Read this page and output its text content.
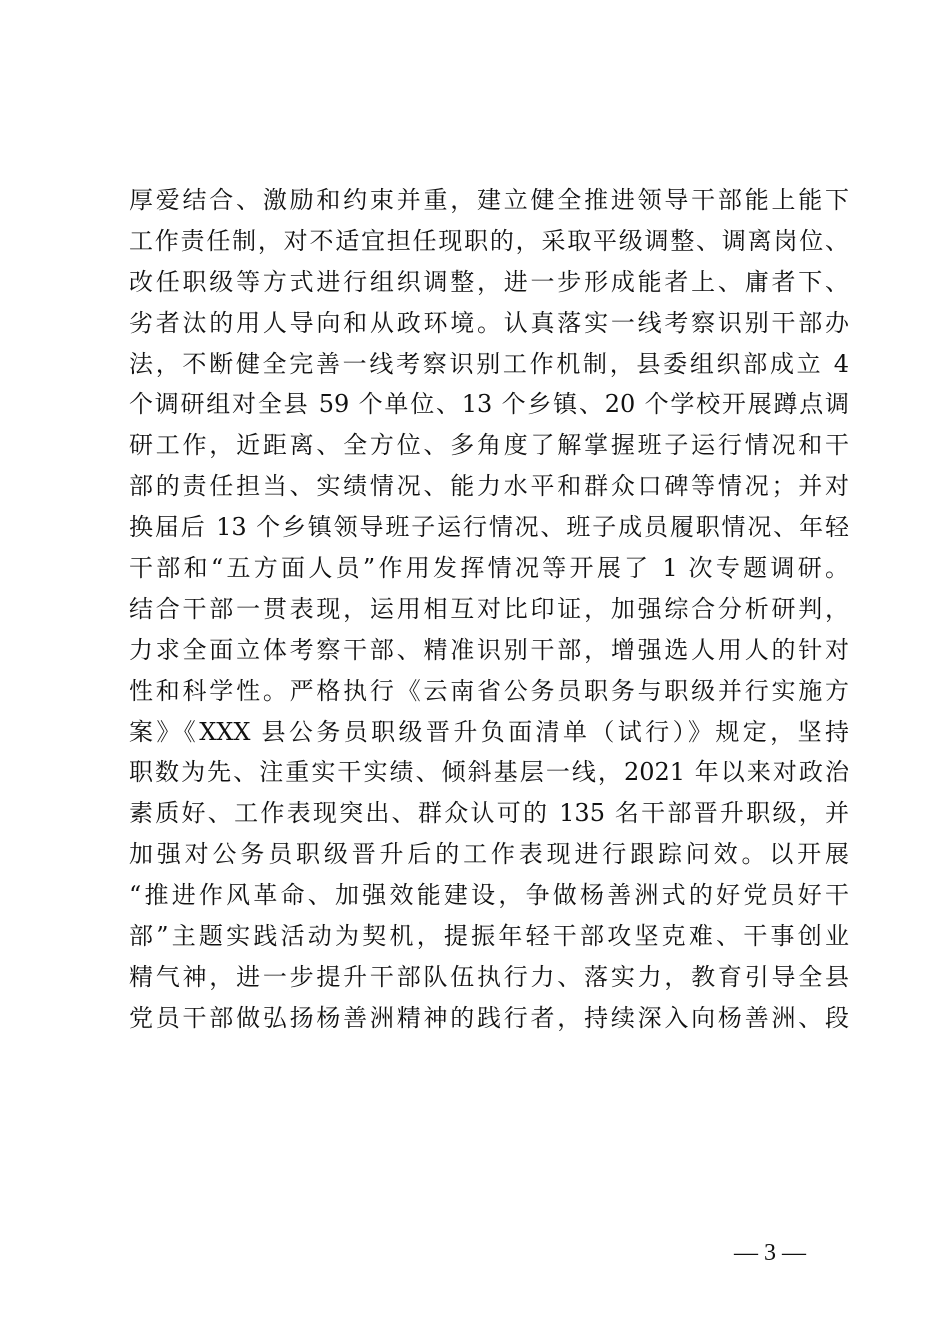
厚爱结合、激励和约束并重，建立健全推进领导干部能上能下
工作责任制，对不适宜担任现职的，采取平级调整、调离岗位、
改任职级等方式进行组织调整，进一步形成能者上、庸者下、
劣者汰的用人导向和从政环境。认真落实一线考察识别干部办
法，不断健全完善一线考察识别工作机制，县委组织部成立 4
个调研组对全县 59 个单位、13 个乡镇、20 个学校开展蹲点调
研工作，近距离、全方位、多角度了解掌握班子运行情况和干
部的责任担当、实绩情况、能力水平和群众口碑等情况；并对
换届后 13 个乡镇领导班子运行情况、班子成员履职情况、年轻
干部和“五方面人员”作用发挥情况等开展了 1 次专题调研。
结合干部一贯表现，运用相互对比印证，加强综合分析研判，
力求全面立体考察干部、精准识别干部，增强选人用人的针对
性和科学性。严格执行《云南省公务员职务与职级并行实施方
案》《XXX 县公务员职级晋升负面清单（试行）》规定，坚持
职数为先、注重实干实绩、倾斜基层一线，2021 年以来对政治
素质好、工作表现突出、群众认可的 135 名干部晋升职级，并
加强对公务员职级晋升后的工作表现进行跟踪问效。以开展
“推进作风革命、加强效能建设，争做杨善洲式的好党员好干
部”主题实践活动为契机，提振年轻干部攻坚克难、干事创业
精气神，进一步提升干部队伍执行力、落实力，教育引导全县
党员干部做弘扬杨善洲精神的践行者，持续深入向杨善洲、段
— 3 —
